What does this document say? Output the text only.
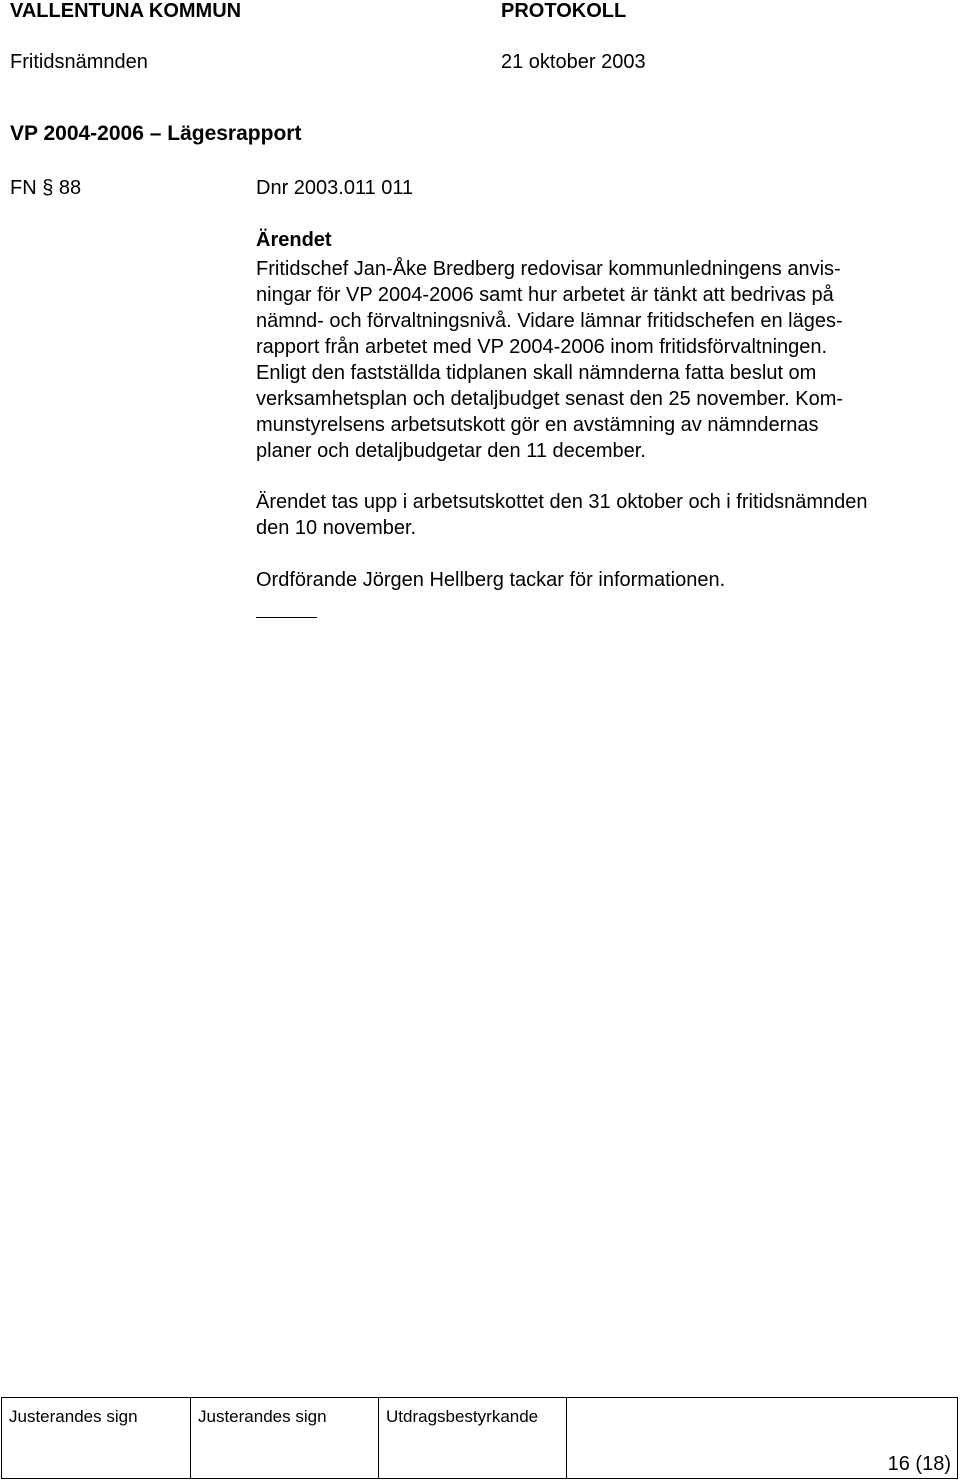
VALLENTUNA KOMMUN	PROTOKOLL
Fritidsnämnden	21 oktober 2003
VP 2004-2006 – Lägesrapport
FN § 88	Dnr 2003.011 011
Ärendet
Fritidschef Jan-Åke Bredberg redovisar kommunledningens anvis-
ningar för VP 2004-2006 samt hur arbetet är tänkt att bedrivas på
nämnd- och förvaltningsnivå. Vidare lämnar fritidschefen en läges-
rapport från arbetet med VP 2004-2006 inom fritidsförvaltningen.
Enligt den fastställda tidplanen skall nämnderna fatta beslut om
verksamhetsplan och detaljbudget senast den 25 november. Kom-
munstyrelsens arbetsutskott gör en avstämning av nämndernas
planer och detaljbudgetar den 11 december.
Ärendet tas upp i arbetsutskottet den 31 oktober och i fritidsnämnden
den 10 november.
Ordförande Jörgen Hellberg tackar för informationen.
Justerandes sign	Justerandes sign	Utdragsbestyrkande
16 (18)
